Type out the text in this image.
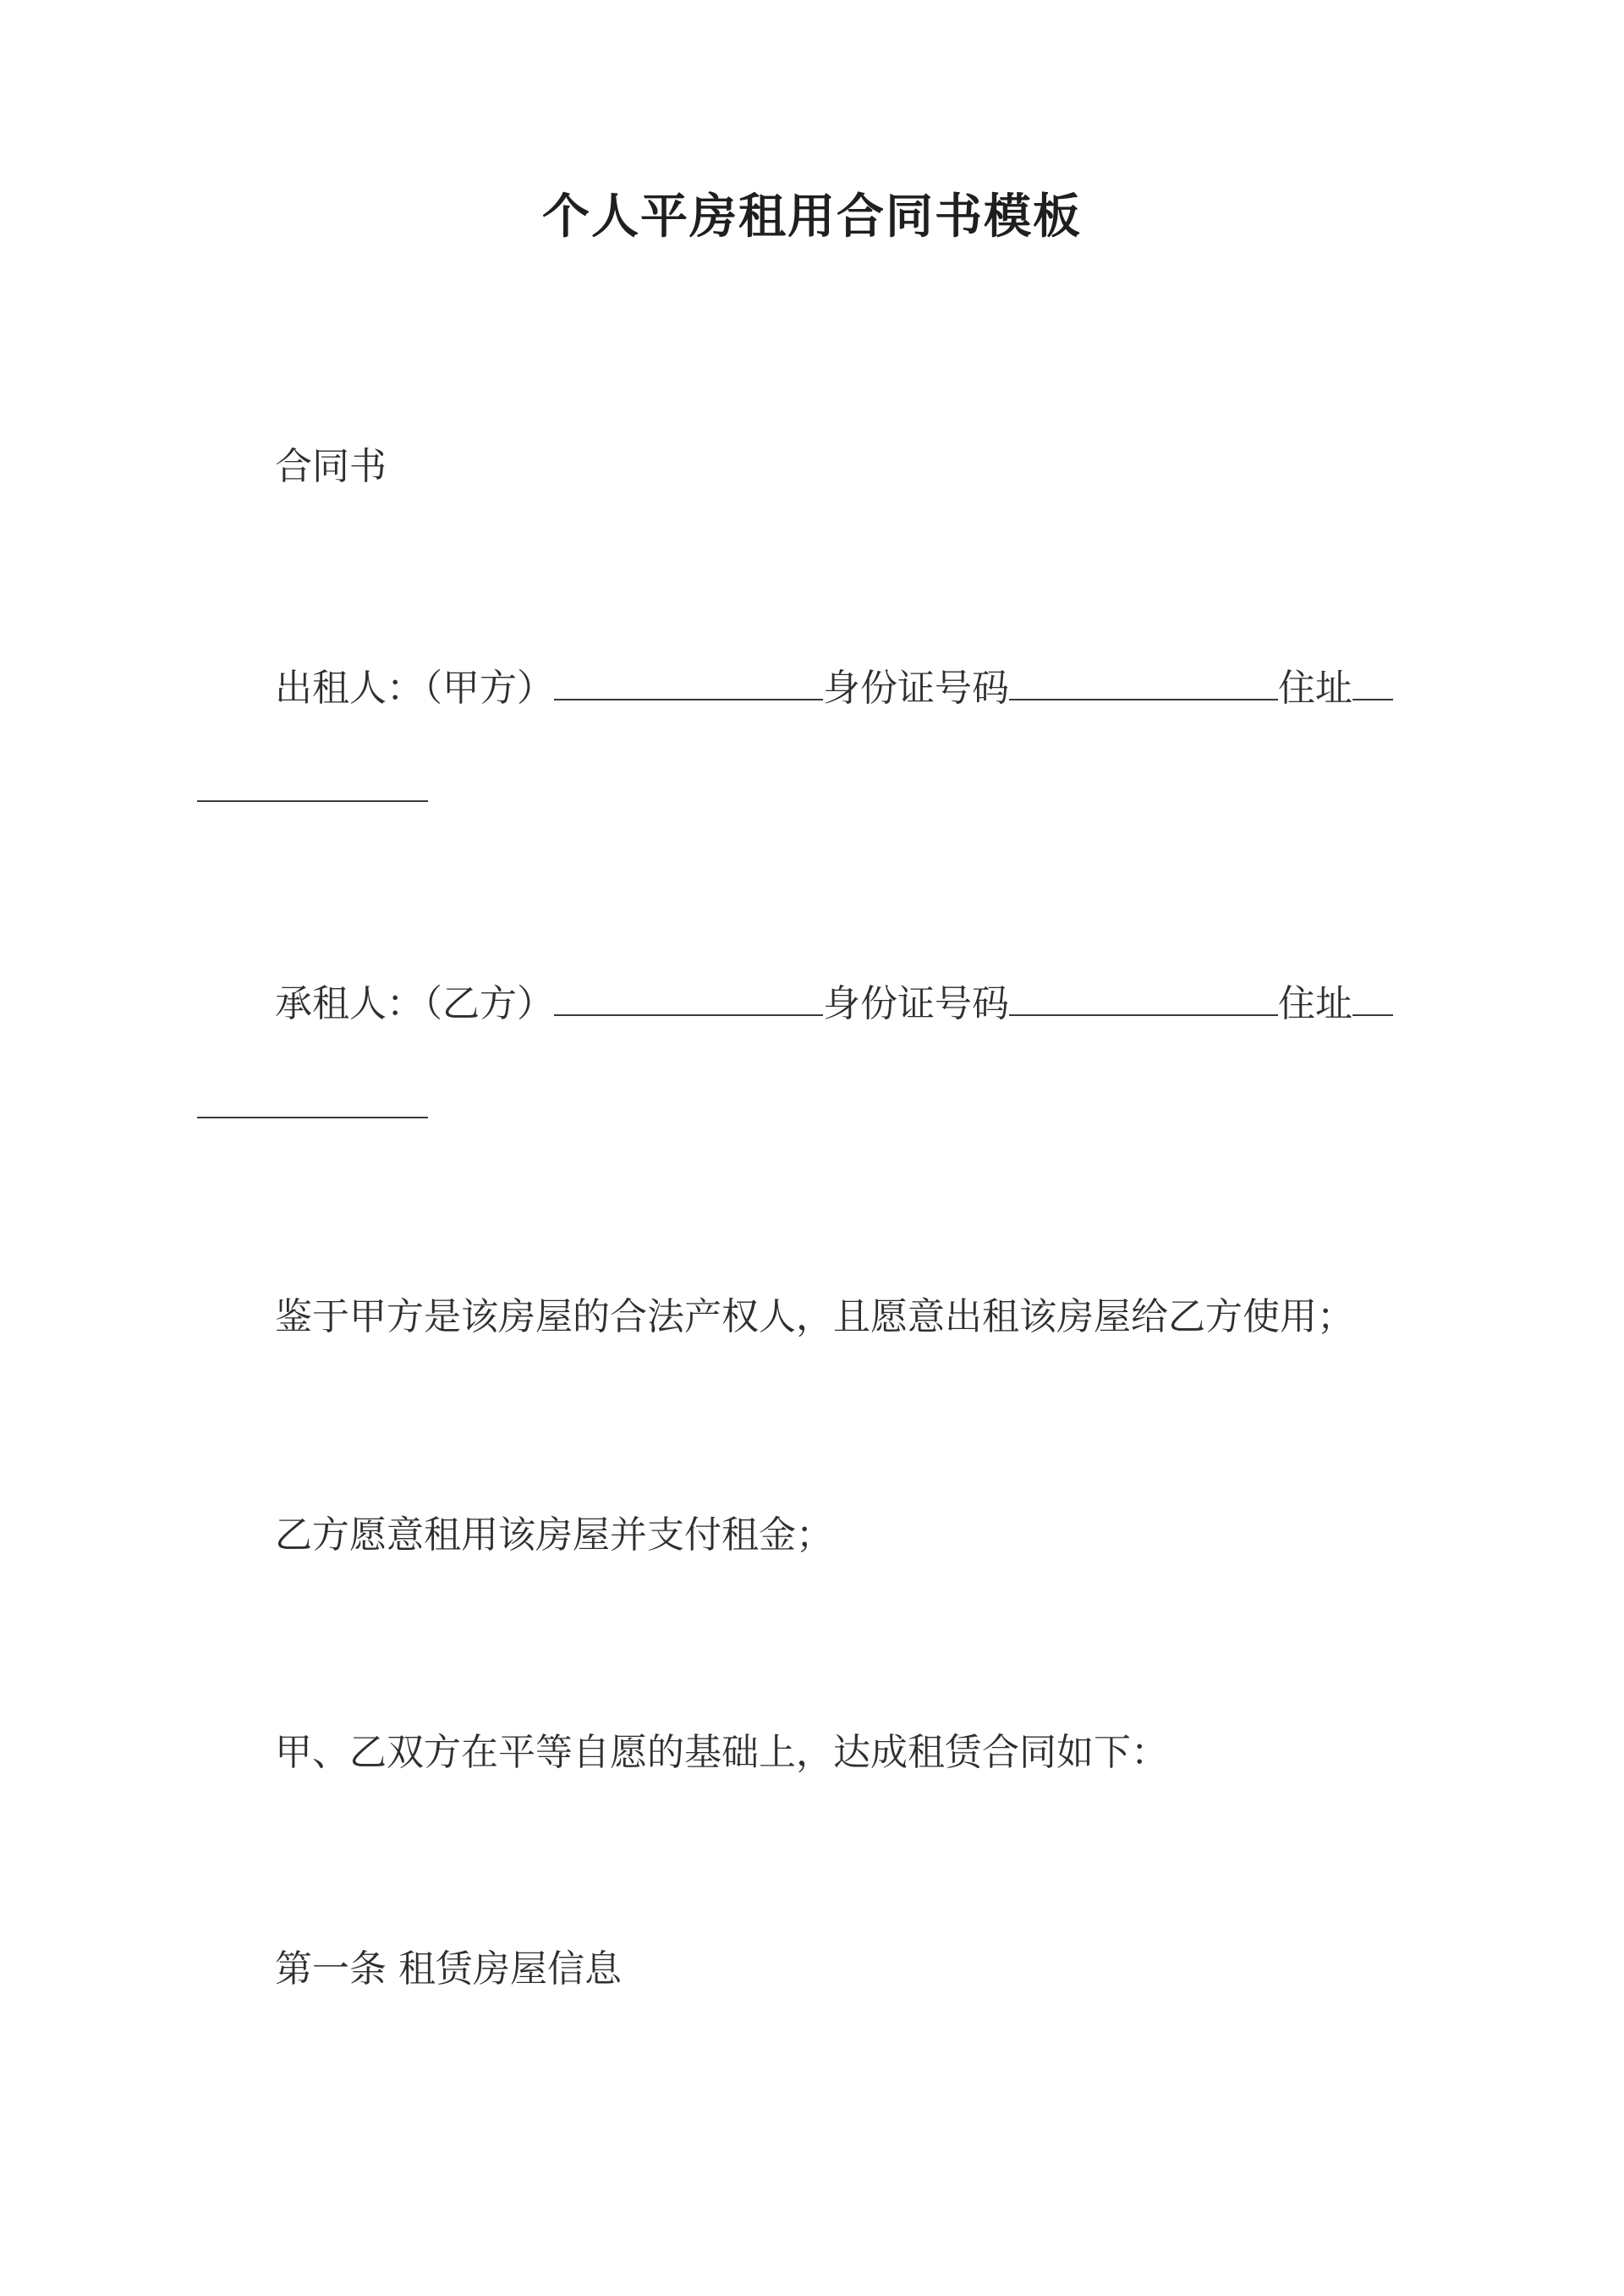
个人平房租用合同书模板
合同书
出租人：（甲方）	身份证号码	住址
承租人：（乙方）	身份证号码	住址
鉴于甲方是该房屋的合法产权人，且愿意出租该房屋给乙方使用；
乙方愿意租用该房屋并支付租金；
甲、乙双方在平等自愿的基础上，达成租赁合同如下：
第一条 租赁房屋信息
